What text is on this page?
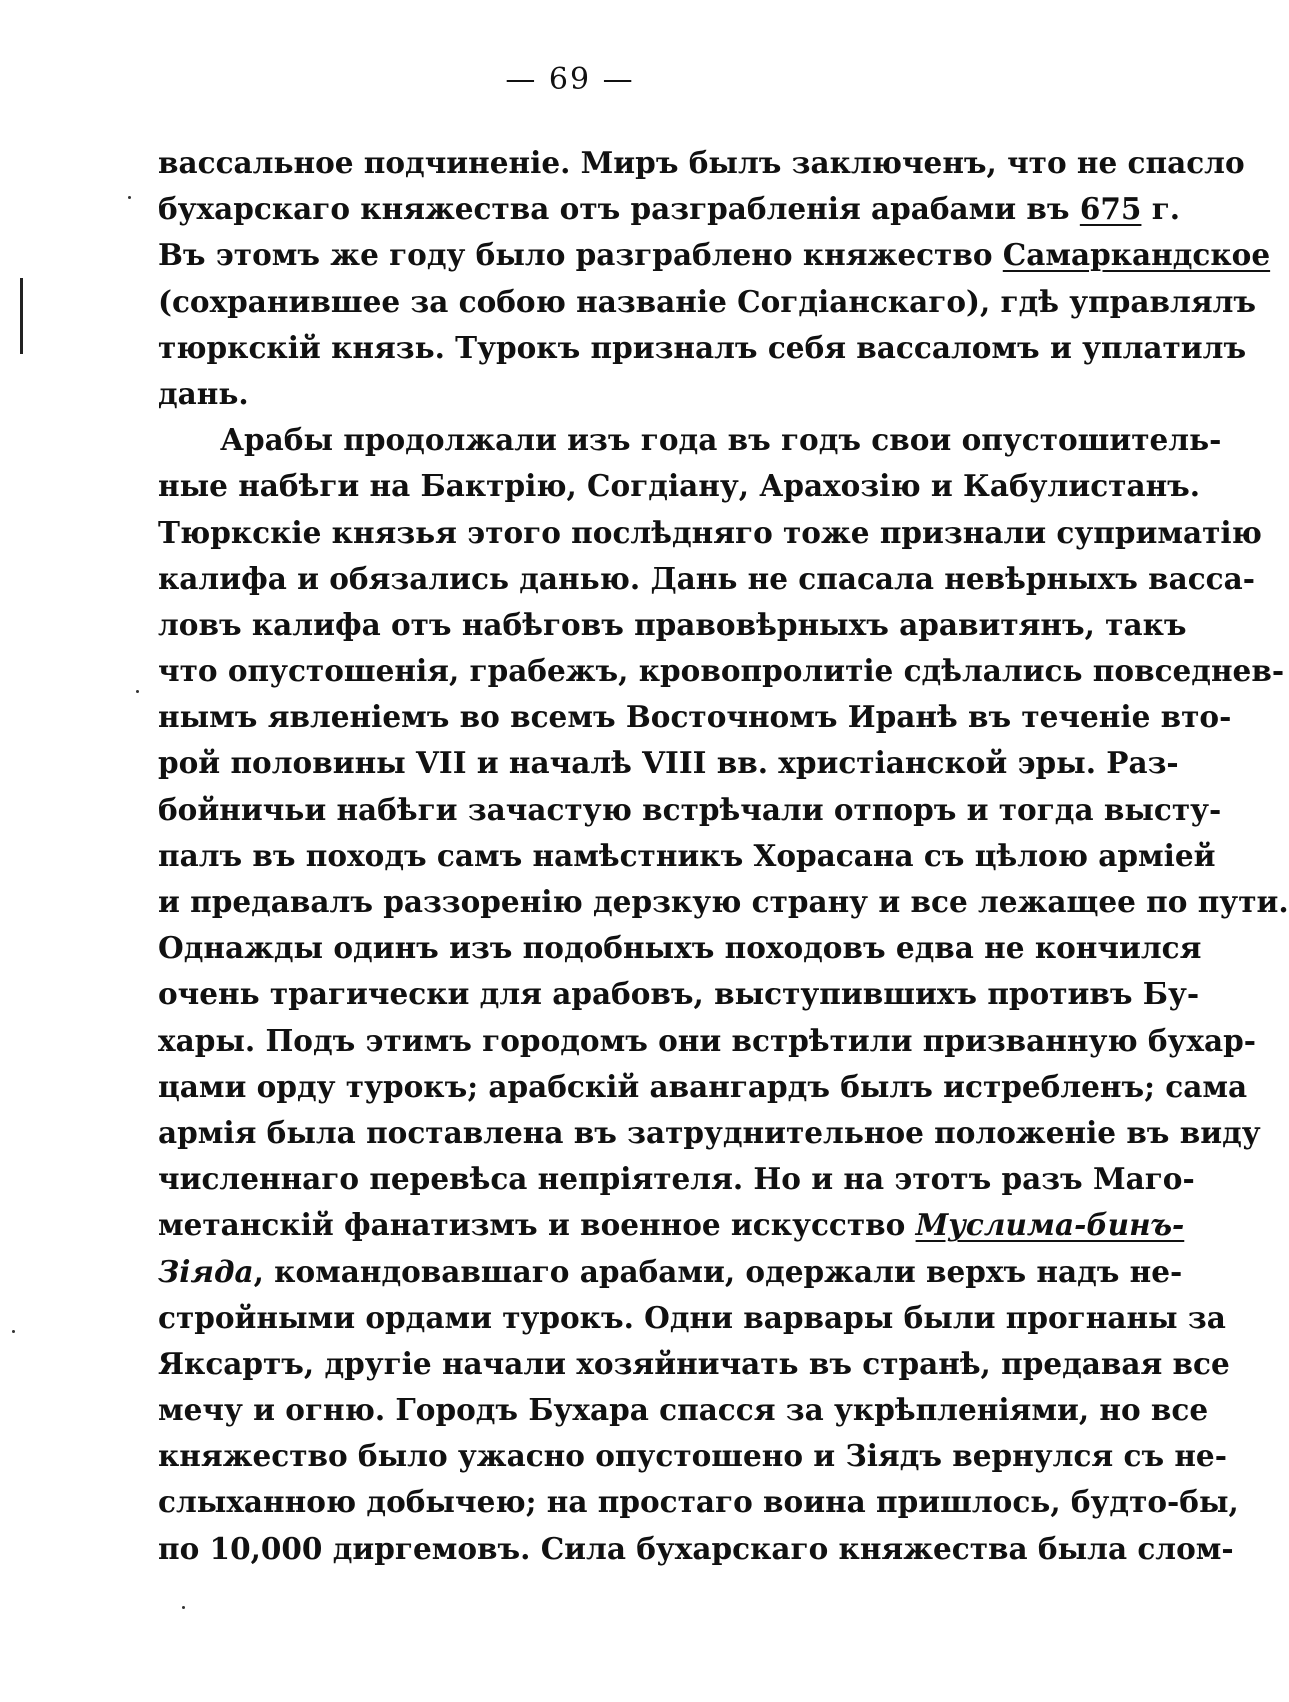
— 69 —
вассальное подчиненіе. Миръ былъ заключенъ, что не спасло
бухарскаго княжества отъ разграбленія арабами въ 675 г.
Въ этомъ же году было разграблено княжество Самаркандское
(сохранившее за собою названіе Согдіанскаго), гдѣ управлялъ
тюркскій князь. Турокъ призналъ себя вассаломъ и уплатилъ
дань.
Арабы продолжали изъ года въ годъ свои опустошитель-
ные набѣги на Бактрію, Согдіану, Арахозію и Кабулистанъ.
Тюркскіе князья этого послѣдняго тоже признали суприматію
калифа и обязались данью. Дань не спасала невѣрныхъ васса-
ловъ калифа отъ набѣговъ правовѣрныхъ аравитянъ, такъ
что опустошенія, грабежъ, кровопролитіе сдѣлались повседнев-
нымъ явленіемъ во всемъ Восточномъ Иранѣ въ теченіе вто-
рой половины VII и началѣ VIII вв. христіанской эры. Раз-
бойничьи набѣги зачастую встрѣчали отпоръ и тогда высту-
палъ въ походъ самъ намѣстникъ Хорасана съ цѣлою арміей
и предавалъ раззоренію дерзкую страну и все лежащее по пути.
Однажды одинъ изъ подобныхъ походовъ едва не кончился
очень трагически для арабовъ, выступившихъ противъ Бу-
хары. Подъ этимъ городомъ они встрѣтили призванную бухар-
цами орду турокъ; арабскій авангардъ былъ истребленъ; сама
армія была поставлена въ затруднительное положеніе въ виду
численнаго перевѣса непріятеля. Но и на этотъ разъ Маго-
метанскій фанатизмъ и военное искусство Муслима-бинъ-
Зіяда, командовавшаго арабами, одержали верхъ надъ не-
стройными ордами турокъ. Одни варвары были прогнаны за
Яксартъ, другіе начали хозяйничать въ странѣ, предавая все
мечу и огню. Городъ Бухара спасся за укрѣпленіями, но все
княжество было ужасно опустошено и Зіядъ вернулся съ не-
слыханною добычею; на простаго воина пришлось, будто-бы,
по 10,000 диргемовъ. Сила бухарскаго княжества была слом-
